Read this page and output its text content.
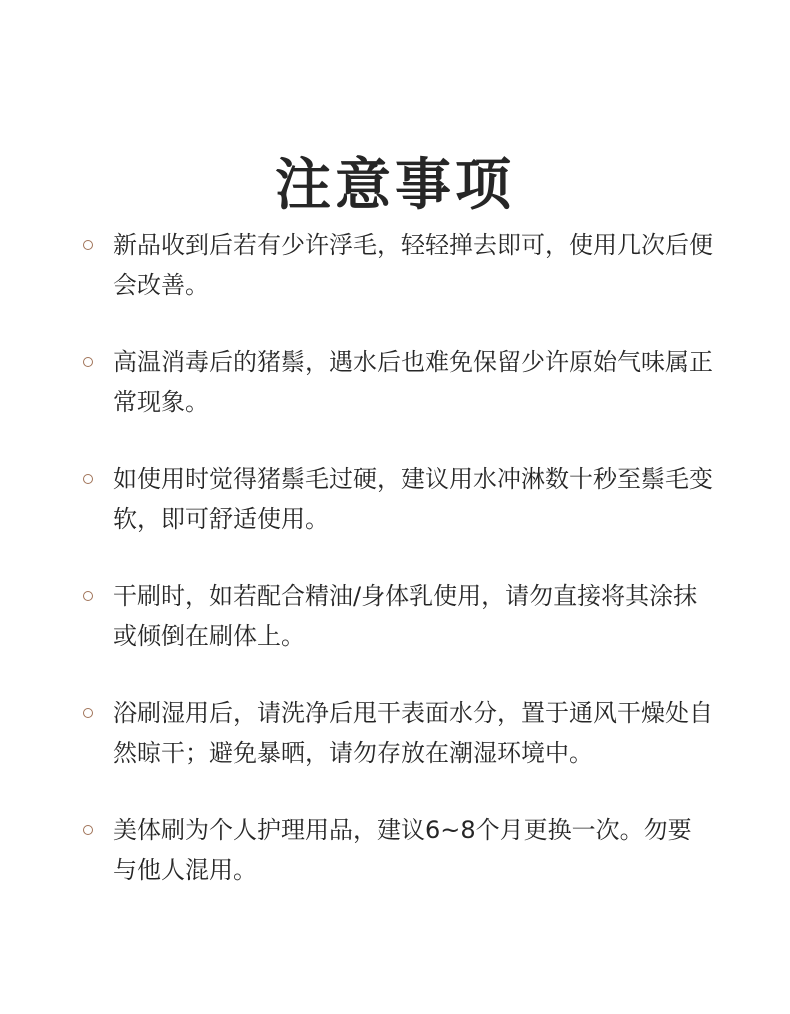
注意事项
新品收到后若有少许浮毛，轻轻掸去即可，使用几次后便会改善。
高温消毒后的猪鬃，遇水后也难免保留少许原始气味属正常现象。
如使用时觉得猪鬃毛过硬，建议用水冲淋数十秒至鬃毛变软，即可舒适使用。
干刷时，如若配合精油/身体乳使用，请勿直接将其涂抹或倾倒在刷体上。
浴刷湿用后，请洗净后甩干表面水分，置于通风干燥处自然晾干；避免暴晒，请勿存放在潮湿环境中。
美体刷为个人护理用品，建议6~8个月更换一次。勿要与他人混用。
